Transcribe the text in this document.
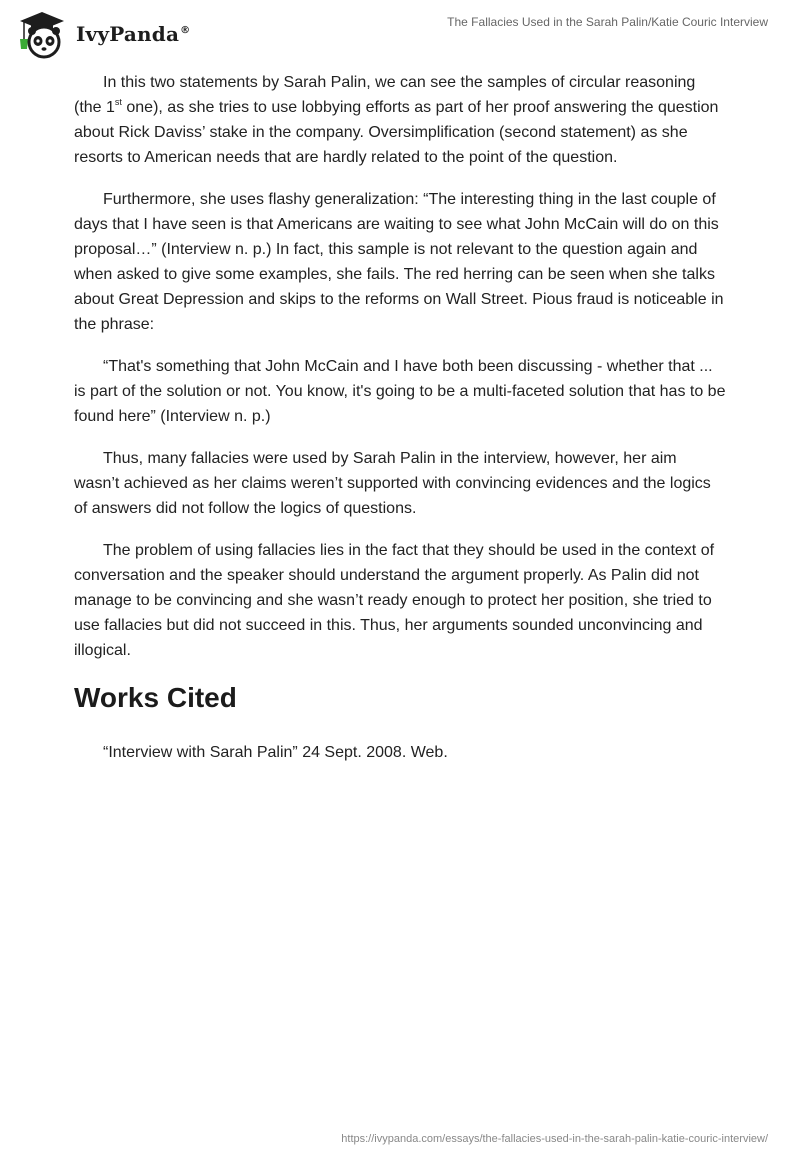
IvyPanda®
The Fallacies Used in the Sarah Palin/Katie Couric Interview

In this two statements by Sarah Palin, we can see the samples of circular reasoning (the 1st one), as she tries to use lobbying efforts as part of her proof answering the question about Rick Daviss’ stake in the company. Oversimplification (second statement) as she resorts to American needs that are hardly related to the point of the question.

Furthermore, she uses flashy generalization: “The interesting thing in the last couple of days that I have seen is that Americans are waiting to see what John McCain will do on this proposal…” (Interview n. p.) In fact, this sample is not relevant to the question again and when asked to give some examples, she fails. The red herring can be seen when she talks about Great Depression and skips to the reforms on Wall Street. Pious fraud is noticeable in the phrase:

“That's something that John McCain and I have both been discussing - whether that ... is part of the solution or not. You know, it's going to be a multi-faceted solution that has to be found here” (Interview n. p.)

Thus, many fallacies were used by Sarah Palin in the interview, however, her aim wasn’t achieved as her claims weren’t supported with convincing evidences and the logics of answers did not follow the logics of questions.

The problem of using fallacies lies in the fact that they should be used in the context of conversation and the speaker should understand the argument properly. As Palin did not manage to be convincing and she wasn’t ready enough to protect her position, she tried to use fallacies but did not succeed in this. Thus, her arguments sounded unconvincing and illogical.

Works Cited

“Interview with Sarah Palin” 24 Sept. 2008. Web.

https://ivypanda.com/essays/the-fallacies-used-in-the-sarah-palin-katie-couric-interview/
